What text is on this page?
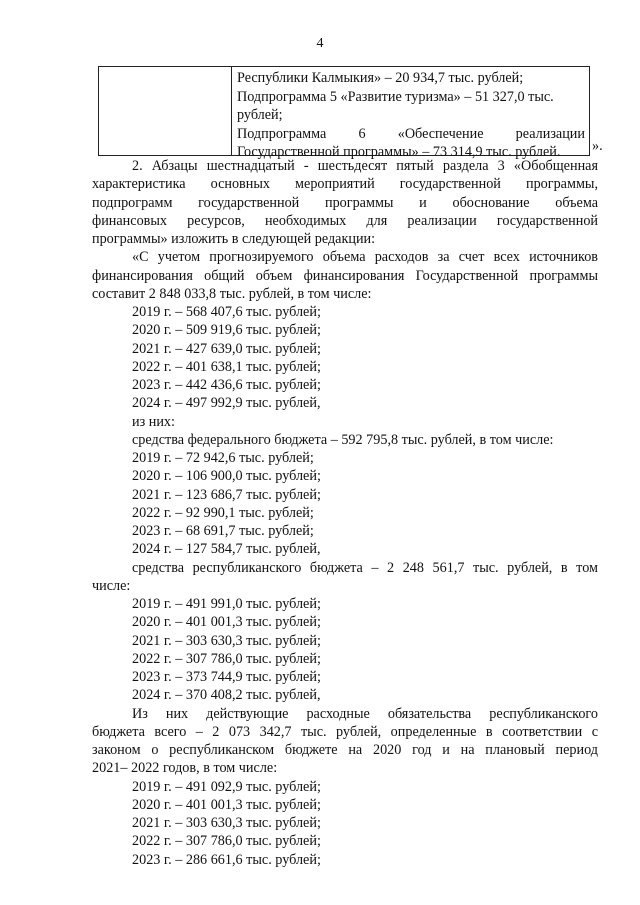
4
Республики Калмыкия» – 20 934,7 тыс. рублей;
Подпрограмма 5 «Развитие туризма» – 51 327,0 тыс.
рублей;
Подпрограмма 6 «Обеспечение реализации
Государственной программы» – 73 314,9 тыс. рублей.	».

2. Абзацы шестнадцатый - шестьдесят пятый раздела 3 «Обобщенная

характеристика основных мероприятий государственной программы,

подпрограмм государственной программы и обоснование объема

финансовых ресурсов, необходимых для реализации государственной

программы» изложить в следующей редакции:

«С учетом прогнозируемого объема расходов за счет всех источников

финансирования общий объем финансирования Государственной программы

составит 2 848 033,8 тыс. рублей, в том числе:

2019 г. – 568 407,6 тыс. рублей;

2020 г. – 509 919,6 тыс. рублей;

2021 г. – 427 639,0 тыс. рублей;

2022 г. – 401 638,1 тыс. рублей;

2023 г. – 442 436,6 тыс. рублей;

2024 г. – 497 992,9 тыс. рублей,

из них:

средства федерального бюджета – 592 795,8 тыс. рублей, в том числе:

2019 г. – 72 942,6 тыс. рублей;

2020 г. – 106 900,0 тыс. рублей;

2021 г. – 123 686,7 тыс. рублей;

2022 г. – 92 990,1 тыс. рублей;

2023 г. – 68 691,7 тыс. рублей;

2024 г. – 127 584,7 тыс. рублей,

средства республиканского бюджета – 2 248 561,7 тыс. рублей, в том

числе:

2019 г. – 491 991,0 тыс. рублей;

2020 г. – 401 001,3 тыс. рублей;

2021 г. – 303 630,3 тыс. рублей;

2022 г. – 307 786,0 тыс. рублей;

2023 г. – 373 744,9 тыс. рублей;

2024 г. – 370 408,2 тыс. рублей,

Из них действующие расходные обязательства республиканского

бюджета всего – 2 073 342,7 тыс. рублей, определенные в соответствии с

законом о республиканском бюджете на 2020 год и на плановый период

2021– 2022 годов, в том числе:

2019 г. – 491 092,9 тыс. рублей;

2020 г. – 401 001,3 тыс. рублей;

2021 г. – 303 630,3 тыс. рублей;

2022 г. – 307 786,0 тыс. рублей;

2023 г. – 286 661,6 тыс. рублей;
